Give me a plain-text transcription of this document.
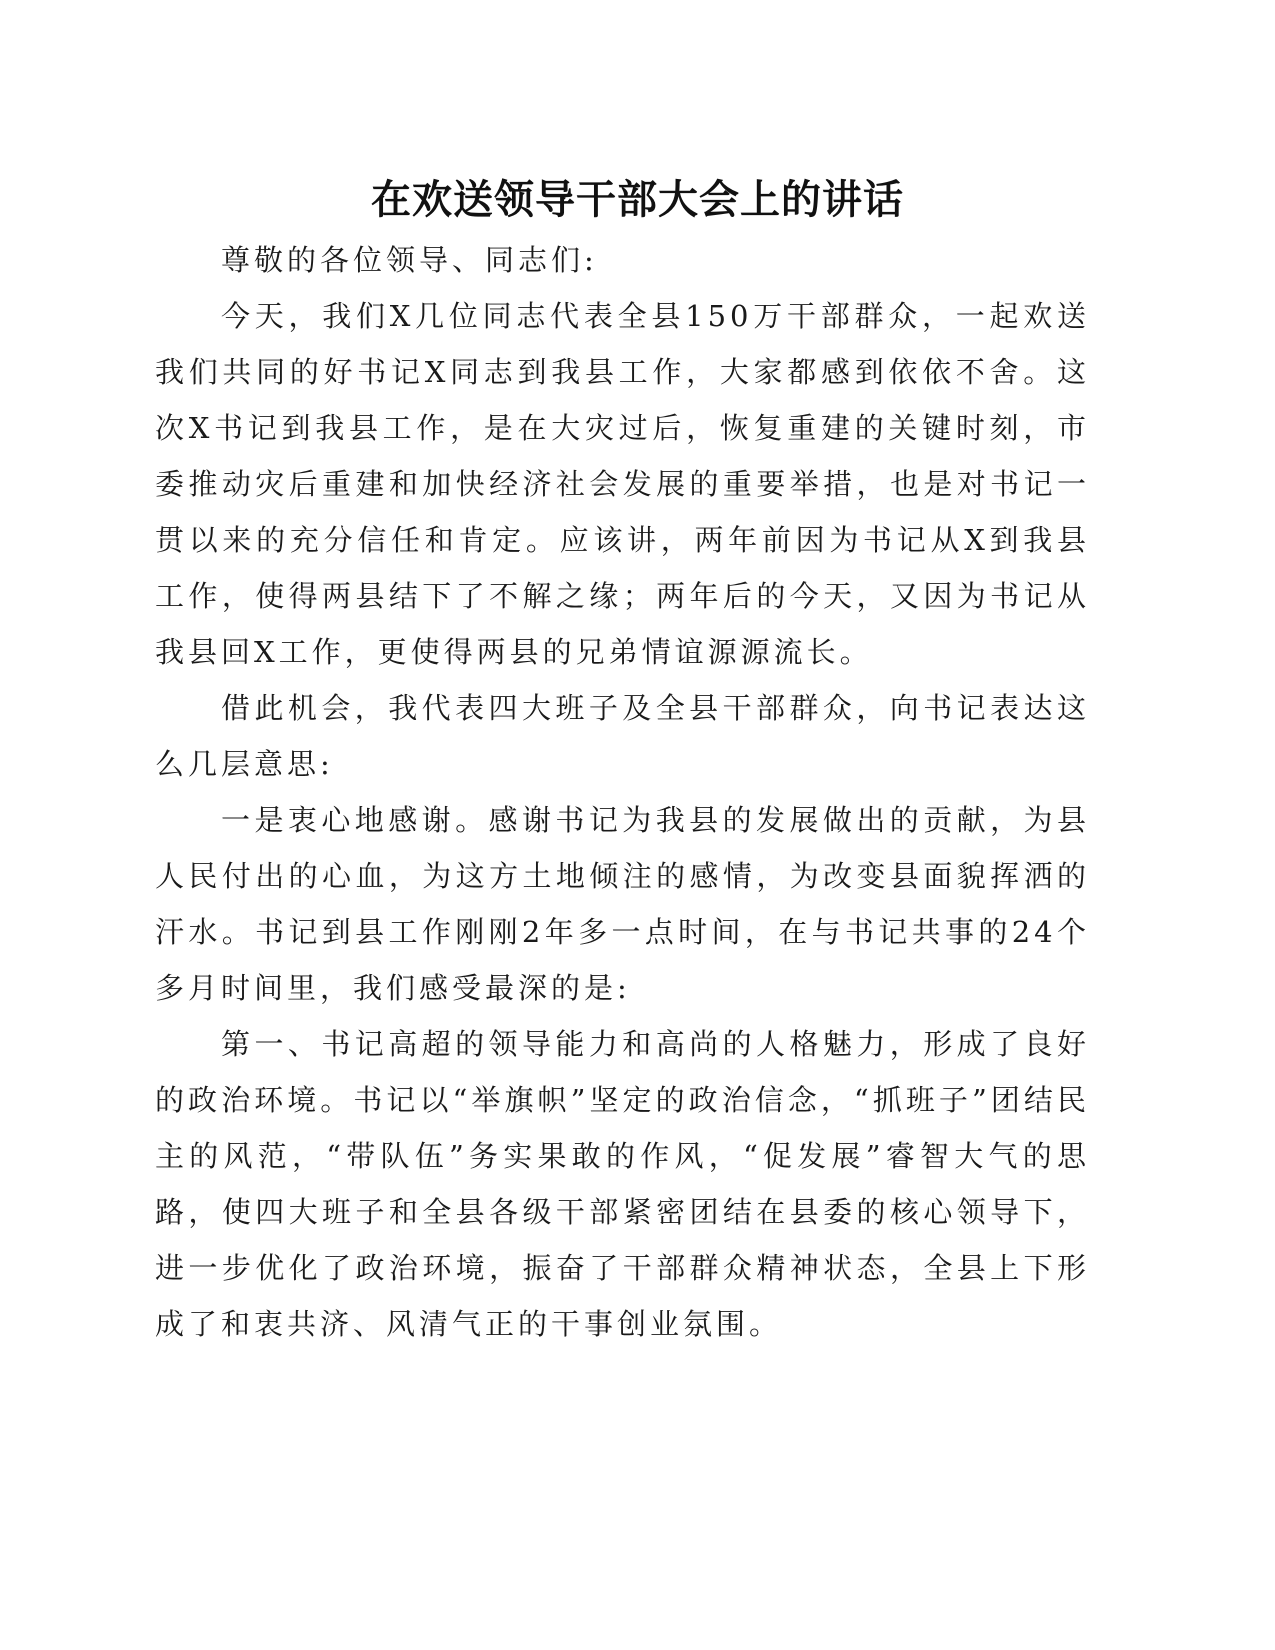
在欢送领导干部大会上的讲话

尊敬的各位领导、同志们:

今天，我们X几位同志代表全县150万干部群众，一起欢送我们共同的好书记X同志到我县工作，大家都感到依依不舍。这次X书记到我县工作，是在大灾过后，恢复重建的关键时刻，市委推动灾后重建和加快经济社会发展的重要举措，也是对书记一贯以来的充分信任和肯定。应该讲，两年前因为书记从X到我县工作，使得两县结下了不解之缘；两年后的今天，又因为书记从我县回X工作，更使得两县的兄弟情谊源源流长。

借此机会，我代表四大班子及全县干部群众，向书记表达这么几层意思:

一是衷心地感谢。感谢书记为我县的发展做出的贡献，为县人民付出的心血，为这方土地倾注的感情，为改变县面貌挥洒的汗水。书记到县工作刚刚2年多一点时间，在与书记共事的24个多月时间里，我们感受最深的是:

第一、书记高超的领导能力和高尚的人格魅力，形成了良好的政治环境。书记以“举旗帜”坚定的政治信念，“抓班子”团结民主的风范，“带队伍”务实果敢的作风，“促发展”睿智大气的思路，使四大班子和全县各级干部紧密团结在县委的核心领导下，进一步优化了政治环境，振奋了干部群众精神状态，全县上下形成了和衷共济、风清气正的干事创业氛围。
